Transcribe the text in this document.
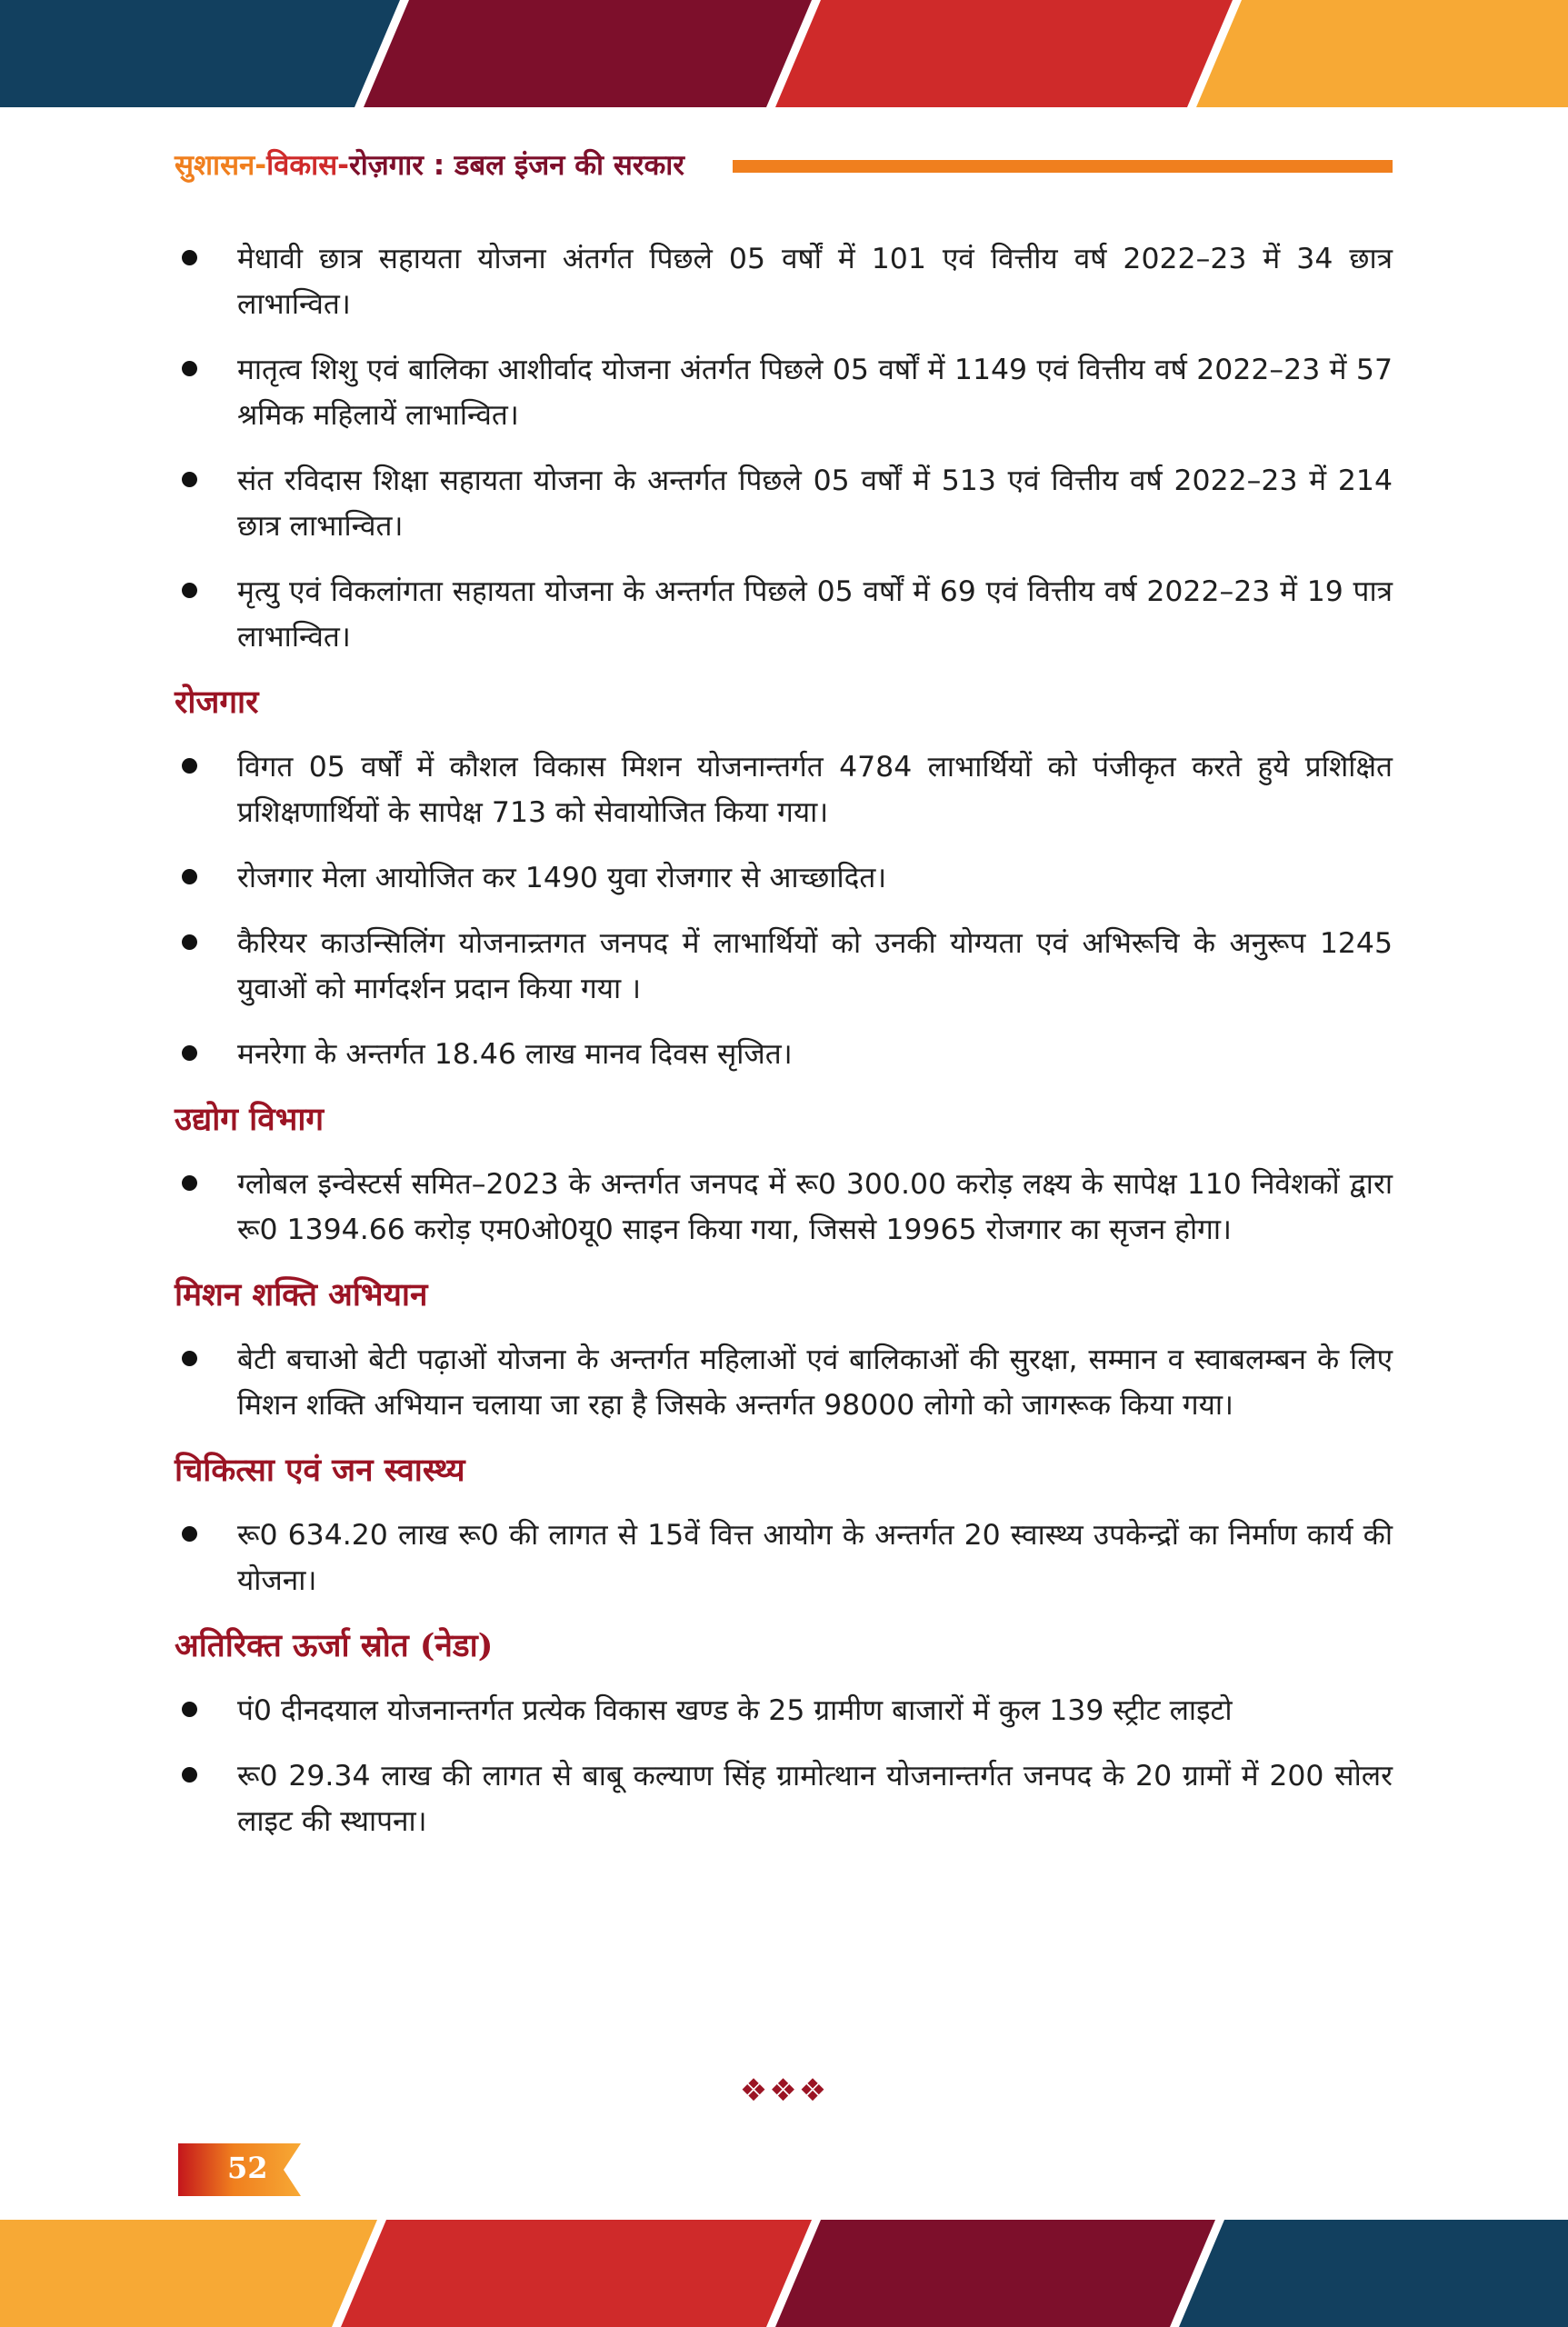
सुशासन-विकास-रोज़गार : डबल इंजन की सरकार
मेधावी छात्र सहायता योजना अंतर्गत पिछले 05 वर्षों में 101 एवं वित्तीय वर्ष 2022–23 में 34 छात्र लाभान्वित।
मातृत्व शिशु एवं बालिका आशीर्वाद योजना अंतर्गत पिछले 05 वर्षों में 1149 एवं वित्तीय वर्ष 2022–23 में 57 श्रमिक महिलायें लाभान्वित।
संत रविदास शिक्षा सहायता योजना के अन्तर्गत पिछले 05 वर्षों में 513 एवं वित्तीय वर्ष 2022–23 में 214 छात्र लाभान्वित।
मृत्यु एवं विकलांगता सहायता योजना के अन्तर्गत पिछले 05 वर्षों में 69 एवं वित्तीय वर्ष 2022–23 में 19 पात्र लाभान्वित।
रोजगार
विगत 05 वर्षों में कौशल विकास मिशन योजनान्तर्गत 4784 लाभार्थियों को पंजीकृत करते हुये प्रशिक्षित प्रशिक्षणार्थियों के सापेक्ष 713 को सेवायोजित किया गया।
रोजगार मेला आयोजित कर 1490 युवा रोजगार से आच्छादित।
कैरियर काउन्सिलिंग योजनान्र्तगत जनपद में लाभार्थियों को उनकी योग्यता एवं अभिरूचि के अनुरूप 1245 युवाओं को मार्गदर्शन प्रदान किया गया ।
मनरेगा के अन्तर्गत 18.46 लाख मानव दिवस सृजित।
उद्योग विभाग
ग्लोबल इन्वेस्टर्स समित–2023 के अन्तर्गत जनपद में रू0 300.00 करोड़ लक्ष्य के सापेक्ष 110 निवेशकों द्वारा रू0 1394.66 करोड़ एम0ओ0यू0 साइन किया गया, जिससे 19965 रोजगार का सृजन होगा।
मिशन शक्ति अभियान
बेटी बचाओ बेटी पढ़ाओं योजना के अन्तर्गत महिलाओं एवं बालिकाओं की सुरक्षा, सम्मान व स्वाबलम्बन के लिए मिशन शक्ति अभियान चलाया जा रहा है जिसके अन्तर्गत 98000 लोगो को जागरूक किया गया।
चिकित्सा एवं जन स्वास्थ्य
रू0 634.20 लाख रू0 की लागत से 15वें वित्त आयोग के अन्तर्गत 20 स्वास्थ्य उपकेन्द्रों का निर्माण कार्य की योजना।
अतिरिक्त ऊर्जा स्रोत (नेडा)
पं0 दीनदयाल योजनान्तर्गत प्रत्येक विकास खण्ड के 25 ग्रामीण बाजारों में कुल 139 स्ट्रीट लाइटो
रू0 29.34 लाख की लागत से बाबू कल्याण सिंह ग्रामोत्थान योजनान्तर्गत जनपद के 20 ग्रामों में 200 सोलर लाइट की स्थापना।
❖❖❖
52
